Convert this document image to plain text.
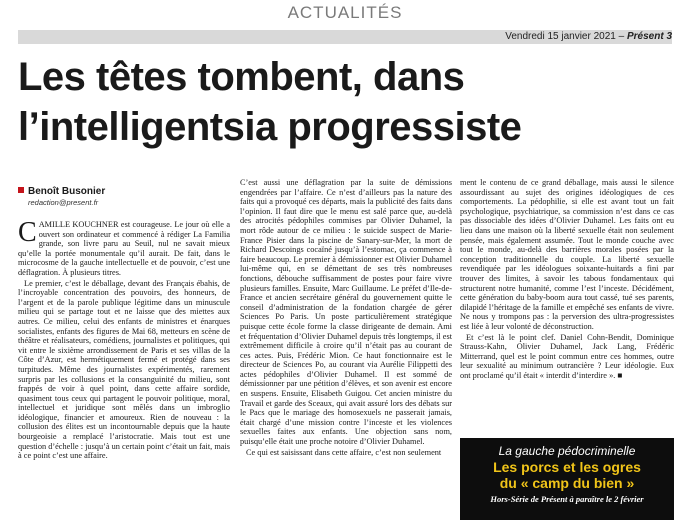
ACTUALITÉS
Vendredi 15 janvier 2021 – Présent 3
Les têtes tombent, dans
l’intelligentsia progressiste
Benoît Busonier
redaction@present.fr

CAMILLE KOUCHNER est courageuse. Le jour où elle a ouvert son ordinateur et commencé à rédiger La Familia grande, son livre paru au Seuil, nul ne savait mieux qu’elle la portée monumentale qu’il aurait. De fait, dans le microcosme de la gauche intellectuelle et de pouvoir, c’est une déflagration. À plusieurs titres.

Le premier, c’est le déballage, devant des Français ébahis, de l’incroyable concentration des pouvoirs, des honneurs, de l’argent et de la parole publique légitime dans un minuscule milieu qui se partage tout et ne laisse que des miettes aux autres. Ce milieu, celui des enfants de ministres et énarques socialistes, enfants des figures de Mai 68, metteurs en scène de théâtre et réalisateurs, comédiens, journalistes et politiques, qui vit entre le sixième arrondissement de Paris et ses villas de la Côte d’Azur, est hermétiquement fermé et protégé dans ses turpitudes. Même des journalistes expérimentés, rarement surpris par les collusions et la consanguinité du milieu, sont frappés de voir à quel point, dans cette affaire sordide, quasiment tous ceux qui partagent le pouvoir politique, moral, intellectuel et juridique sont mêlés dans un imbroglio idéologique, financier et amoureux. Rien de nouveau : la collusion des élites est un incontournable depuis que la haute bourgeoisie a remplacé l’aristocratie. Mais tout est une question d’échelle : jusqu’à un certain point c’était un fait, mais à ce point c’est une affaire.

C’est aussi une déflagration par la suite de démissions engendrées par l’affaire. Ce n’est d’ailleurs pas la nature des faits qui a provoqué ces départs, mais la publicité des faits dans l’opinion. Il faut dire que le menu est salé parce que, au-delà des atrocités pédophiles commises par Olivier Duhamel, la mort rôde autour de ce milieu : le suicide suspect de Marie-France Pisier dans la piscine de Sanary-sur-Mer, la mort de Richard Descoings cocaïné jusqu’à l’estomac, ça commence à faire beaucoup. Le premier à démissionner est Olivier Duhamel lui-même qui, en se démettant de ses très nombreuses fonctions, débouche suffisamment de postes pour faire vivre plusieurs familles. Ensuite, Marc Guillaume. Le préfet d’Ile-de-France et ancien secrétaire général du gouvernement quitte le conseil d’administration de la fondation chargée de gérer Sciences Po Paris. Un poste particulièrement stratégique puisque cette école forme la classe dirigeante de demain. Ami et fréquentation d’Olivier Duhamel depuis très longtemps, il est extrêmement difficile à croire qu’il n’était pas au courant de ces actes. Puis, Frédéric Mion. Ce haut fonctionnaire est le directeur de Sciences Po, au courant via Aurélie Filippetti des actes pédophiles d’Olivier Duhamel. Il est sommé de démissionner par une pétition d’élèves, et son avenir est encore en suspens. Ensuite, Elisabeth Guigou. Cet ancien ministre du Travail et garde des Sceaux, qui avait assuré lors des débats sur le Pacs que le mariage des homosexuels ne passerait jamais, était chargé d’une mission contre l’inceste et les violences sexuelles faites aux enfants. Une objection sans nom, puisqu’elle était une proche notoire d’Olivier Duhamel.

Ce qui est saisissant dans cette affaire, c’est non seulement

ment le contenu de ce grand déballage, mais aussi le silence assourdissant au sujet des origines idéologiques de ces comportements. La pédophilie, si elle est avant tout un fait psychologique, psychiatrique, sa commission n’est dans ce cas pas dissociable des idées d’Olivier Duhamel. Les faits ont eu lieu dans une maison où la liberté sexuelle était non seulement pensée, mais également assumée. Tout le monde couche avec tout le monde, au-delà des barrières morales posées par la conception traditionnelle du couple. La liberté sexuelle revendiquée par les idéologues soixante-huitards a fini par trouver des limites, à savoir les tabous fondamentaux qui structurent notre humanité, comme l’est l’inceste. Décidément, cette génération du baby-boom aura tout cassé, tué ses parents, dilapidé l’héritage de la famille et empêché ses enfants de vivre. Ne nous y trompons pas : la perversion des ultra-progressistes est liée à leur volonté de déconstruction.

Et c’est là le point clef. Daniel Cohn-Bendit, Dominique Strauss-Kahn, Olivier Duhamel, Jack Lang, Frédéric Mitterrand, quel est le point commun entre ces hommes, outre leur sexualité au minimum outrancière ? Leur idéologie. Eux ont proclamé qu’il était « interdit d’interdire ». ■

La gauche pédocriminelle
Les porcs et les ogres
du « camp du bien »
Hors-Série de Présent à paraître le 2 février
